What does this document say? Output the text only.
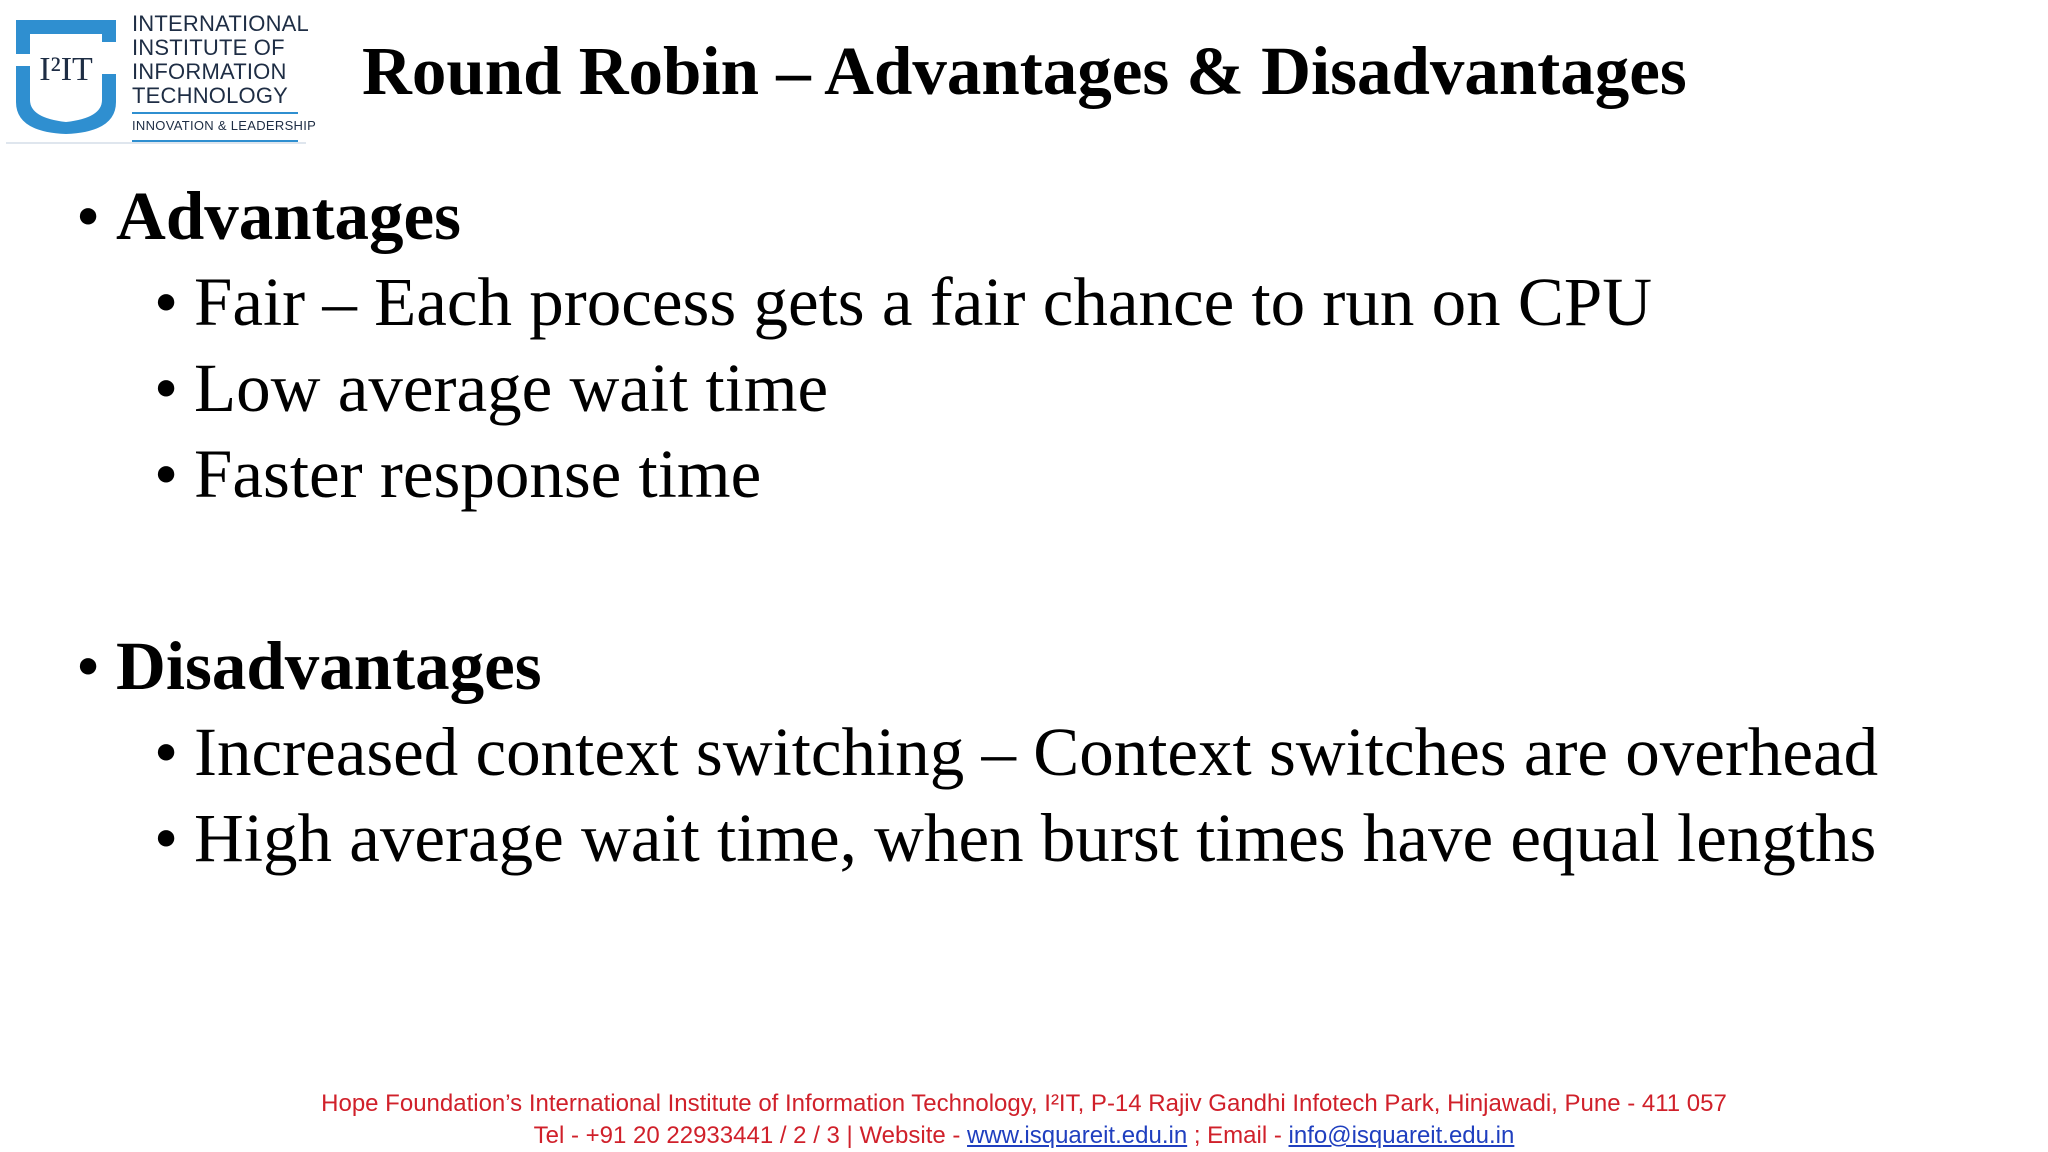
I²IT
INTERNATIONAL
INSTITUTE OF
INFORMATION
TECHNOLOGY
INNOVATION & LEADERSHIP
Round Robin – Advantages & Disadvantages
• Advantages
• Fair – Each process gets a fair chance to run on CPU
• Low average wait time
• Faster response time
• Disadvantages
• Increased context switching – Context switches are overhead
• High average wait time, when burst times have equal lengths
Hope Foundation’s International Institute of Information Technology, I²IT, P-14 Rajiv Gandhi Infotech Park, Hinjawadi, Pune - 411 057
Tel - +91 20 22933441 / 2 / 3 | Website - www.isquareit.edu.in ; Email - info@isquareit.edu.in
